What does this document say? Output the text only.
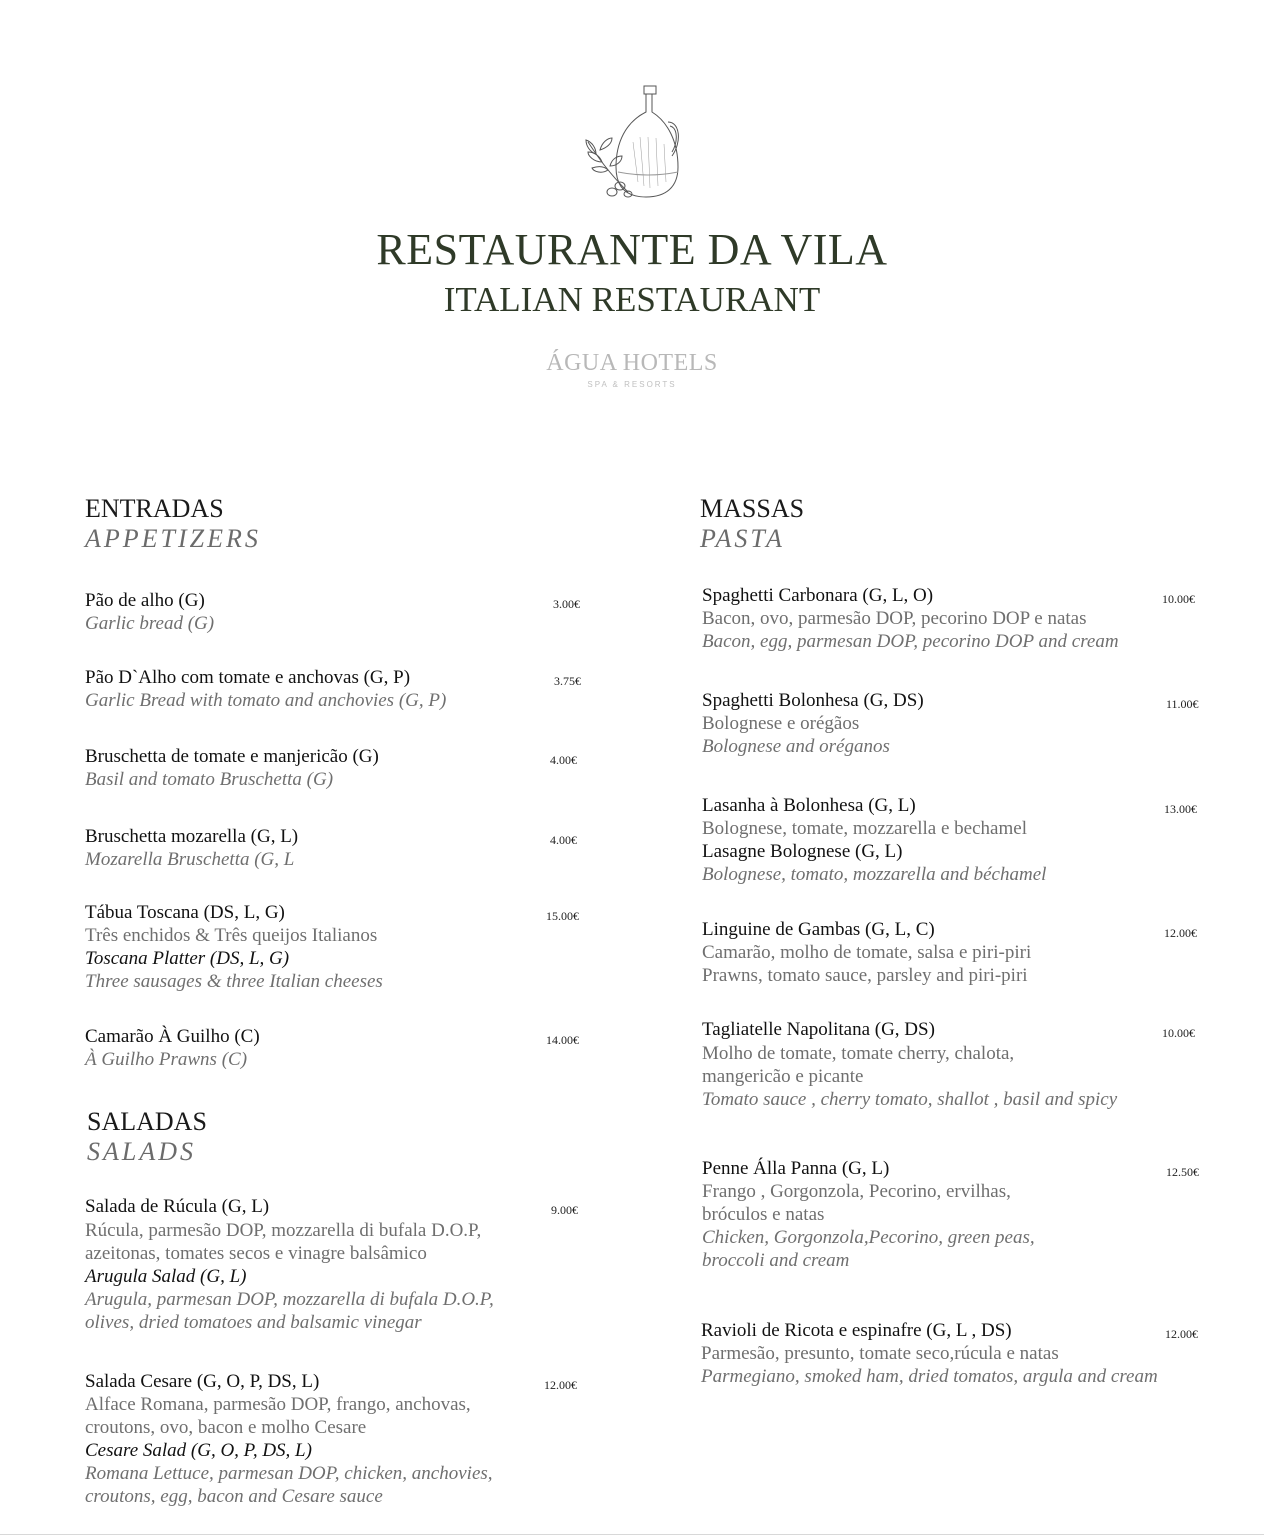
RESTAURANTE DA VILA
ITALIAN RESTAURANT
ÁGUA HOTELS
SPA & RESORTS
ENTRADAS
APPETIZERS
Pão de alho (G)	3.00€
Garlic bread (G)
Pão D`Alho com tomate e anchovas (G, P)	3.75€
Garlic Bread with tomato and anchovies (G, P)
Bruschetta de tomate e manjericão (G)	4.00€
Basil and tomato Bruschetta (G)
Bruschetta mozarella (G, L)	4.00€
Mozarella Bruschetta (G, L
Tábua Toscana (DS, L, G)	15.00€
Três enchidos & Três queijos Italianos
Toscana Platter (DS, L, G)
Three sausages & three Italian cheeses
Camarão À Guilho (C)	14.00€
À Guilho Prawns (C)
SALADAS
SALADS
Salada de Rúcula (G, L)	9.00€
Rúcula, parmesão DOP, mozzarella di bufala D.O.P,
azeitonas, tomates secos e vinagre balsâmico
Arugula Salad (G, L)
Arugula, parmesan DOP, mozzarella di bufala D.O.P,
olives, dried tomatoes and balsamic vinegar
Salada Cesare (G, O, P, DS, L)	12.00€
Alface Romana, parmesão DOP, frango, anchovas,
croutons, ovo, bacon e molho Cesare
Cesare Salad (G, O, P, DS, L)
Romana Lettuce, parmesan DOP, chicken, anchovies,
croutons, egg, bacon and Cesare sauce
MASSAS
PASTA
Spaghetti Carbonara (G, L, O)	10.00€
Bacon, ovo, parmesão DOP, pecorino DOP e natas
Bacon, egg, parmesan DOP, pecorino DOP and cream
Spaghetti Bolonhesa (G, DS)	11.00€
Bolognese e orégãos
Bolognese and oréganos
Lasanha à Bolonhesa (G, L)	13.00€
Bolognese, tomate, mozzarella e bechamel
Lasagne Bolognese (G, L)
Bolognese, tomato, mozzarella and béchamel
Linguine de Gambas (G, L, C)	12.00€
Camarão, molho de tomate, salsa e piri-piri
Prawns, tomato sauce, parsley and piri-piri
Tagliatelle Napolitana (G, DS)	10.00€
Molho de tomate, tomate cherry, chalota,
mangericão e picante
Tomato sauce , cherry tomato, shallot , basil and spicy
Penne Álla Panna (G, L)	12.50€
Frango , Gorgonzola, Pecorino, ervilhas,
bróculos e natas
Chicken, Gorgonzola,Pecorino, green peas,
broccoli and cream
Ravioli de Ricota e espinafre (G, L , DS)	12.00€
Parmesão, presunto, tomate seco,rúcula e natas
Parmegiano, smoked ham, dried tomatos, argula and cream
